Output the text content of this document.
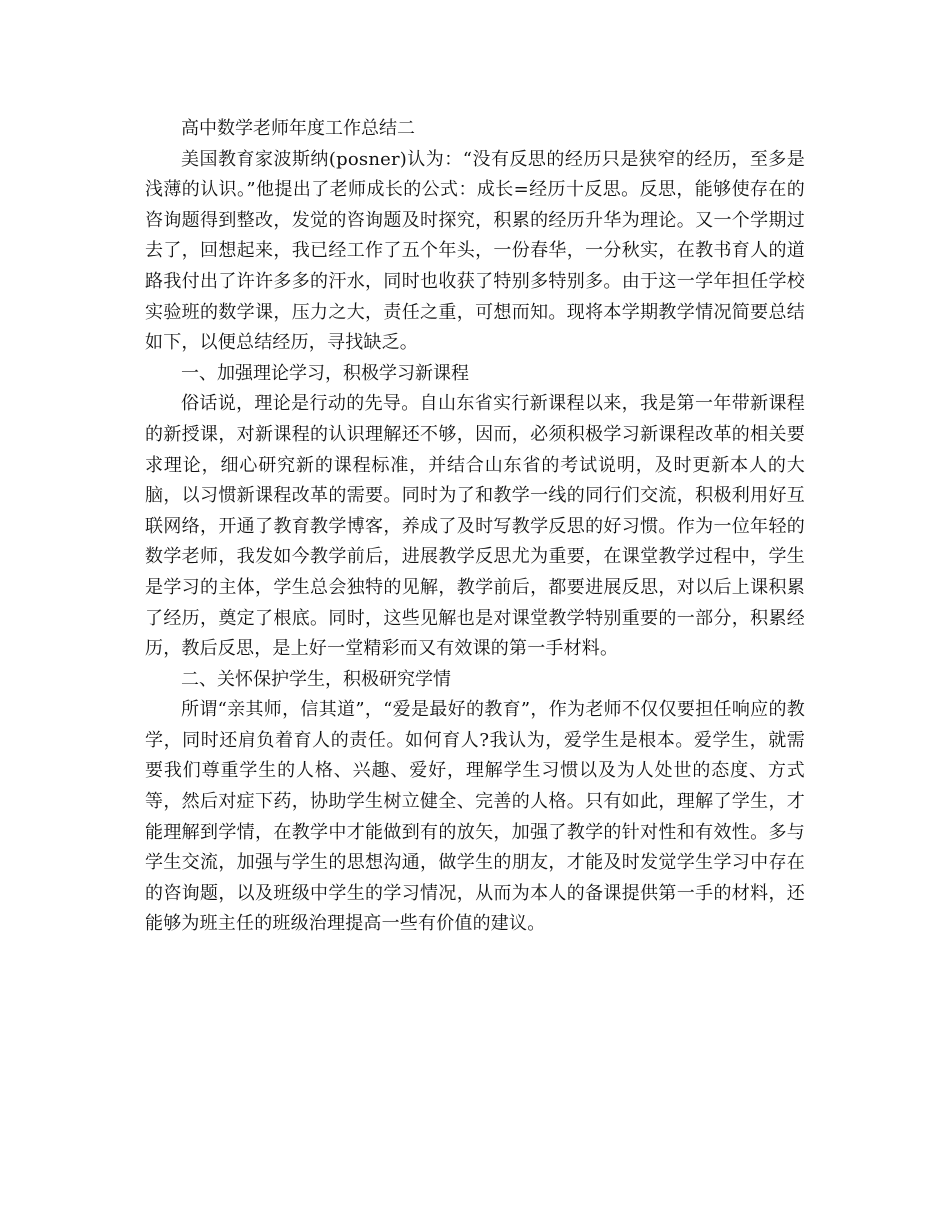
高中数学老师年度工作总结二

美国教育家波斯纳(posner)认为：“没有反思的经历只是狭窄的经历，至多是浅薄的认识。”他提出了老师成长的公式：成长=经历十反思。反思，能够使存在的咨询题得到整改，发觉的咨询题及时探究，积累的经历升华为理论。又一个学期过去了，回想起来，我已经工作了五个年头，一份春华，一分秋实，在教书育人的道路我付出了许许多多的汗水，同时也收获了特别多特别多。由于这一学年担任学校实验班的数学课，压力之大，责任之重，可想而知。现将本学期教学情况简要总结如下，以便总结经历，寻找缺乏。

一、加强理论学习，积极学习新课程

俗话说，理论是行动的先导。自山东省实行新课程以来，我是第一年带新课程的新授课，对新课程的认识理解还不够，因而，必须积极学习新课程改革的相关要求理论，细心研究新的课程标准，并结合山东省的考试说明，及时更新本人的大脑，以习惯新课程改革的需要。同时为了和教学一线的同行们交流，积极利用好互联网络，开通了教育教学博客，养成了及时写教学反思的好习惯。作为一位年轻的数学老师，我发如今教学前后，进展教学反思尤为重要，在课堂教学过程中，学生是学习的主体，学生总会独特的见解，教学前后，都要进展反思，对以后上课积累了经历，奠定了根底。同时，这些见解也是对课堂教学特别重要的一部分，积累经历，教后反思，是上好一堂精彩而又有效课的第一手材料。

二、关怀保护学生，积极研究学情

所谓“亲其师，信其道”，“爱是最好的教育”，作为老师不仅仅要担任响应的教学，同时还肩负着育人的责任。如何育人?我认为，爱学生是根本。爱学生，就需要我们尊重学生的人格、兴趣、爱好，理解学生习惯以及为人处世的态度、方式等，然后对症下药，协助学生树立健全、完善的人格。只有如此，理解了学生，才能理解到学情，在教学中才能做到有的放矢，加强了教学的针对性和有效性。多与学生交流，加强与学生的思想沟通，做学生的朋友，才能及时发觉学生学习中存在的咨询题，以及班级中学生的学习情况，从而为本人的备课提供第一手的材料，还能够为班主任的班级治理提高一些有价值的建议。
